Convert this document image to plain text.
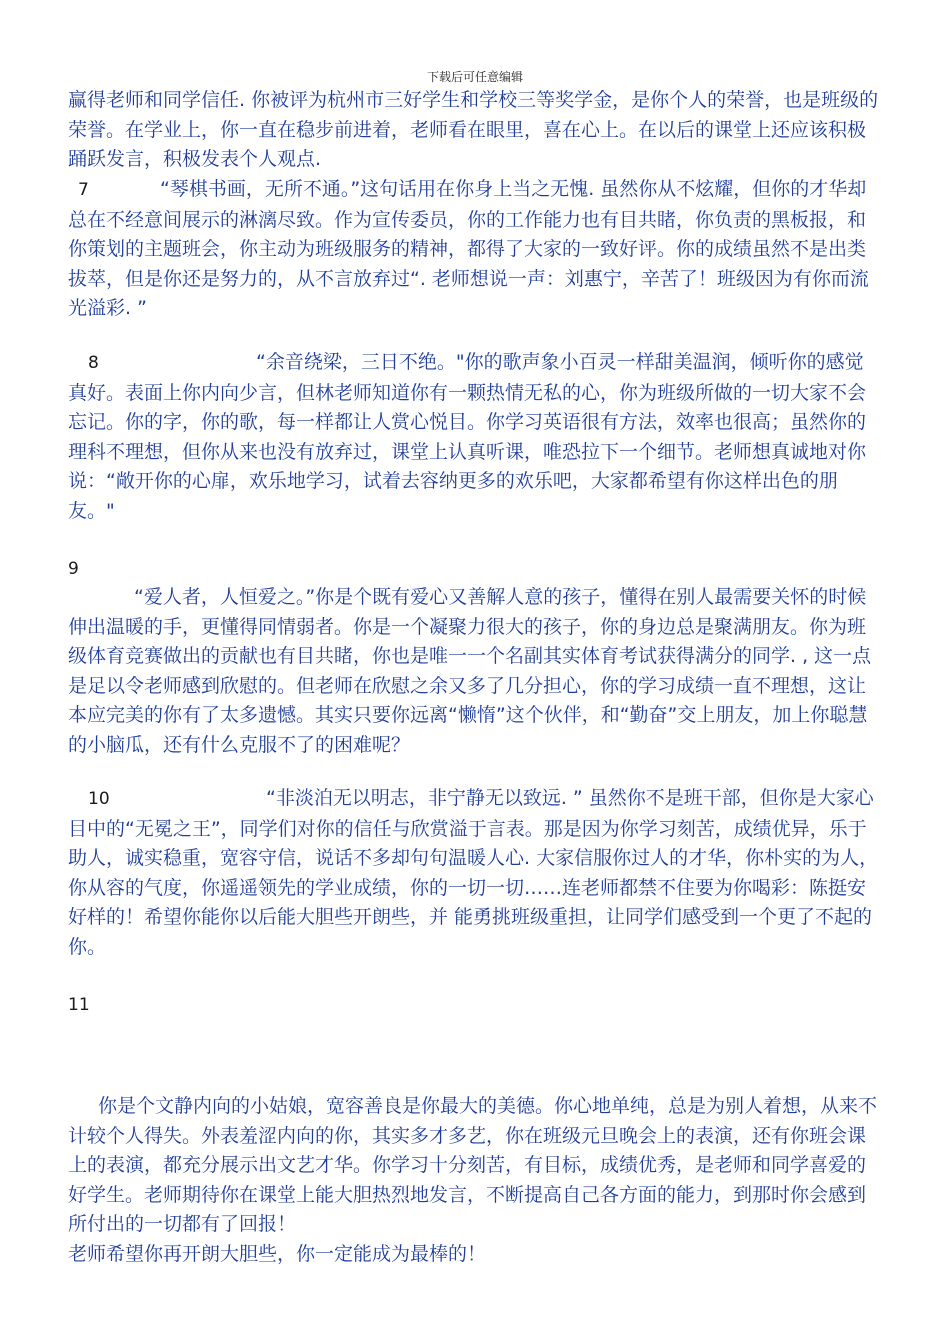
下载后可任意编辑

赢得老师和同学信任. 你被评为杭州市三好学生和学校三等奖学金，是你个人的荣誉，也是班级的荣誉。在学业上，你一直在稳步前进着，老师看在眼里，喜在心上。在以后的课堂上还应该积极踊跃发言，积极发表个人观点.

7	“琴棋书画，无所不通。”这句话用在你身上当之无愧. 虽然你从不炫耀，但你的才华却总在不经意间展示的淋漓尽致。作为宣传委员，你的工作能力也有目共睹，你负责的黑板报，和你策划的主题班会，你主动为班级服务的精神，都得了大家的一致好评。你的成绩虽然不是出类拔萃，但是你还是努力的，从不言放弃过“. 老师想说一声：刘惠宁，辛苦了！班级因为有你而流光溢彩. ”

8	“余音绕梁，三日不绝。"你的歌声象小百灵一样甜美温润，倾听你的感觉真好。表面上你内向少言，但林老师知道你有一颗热情无私的心，你为班级所做的一切大家不会忘记。你的字，你的歌，每一样都让人赏心悦目。你学习英语很有方法，效率也很高；虽然你的理科不理想，但你从来也没有放弃过，课堂上认真听课，唯恐拉下一个细节。老师想真诚地对你说：“敞开你的心扉，欢乐地学习，试着去容纳更多的欢乐吧，大家都希望有你这样出色的朋友。"

9

“爱人者，人恒爱之。”你是个既有爱心又善解人意的孩子，懂得在别人最需要关怀的时候伸出温暖的手，更懂得同情弱者。你是一个凝聚力很大的孩子，你的身边总是聚满朋友。你为班级体育竞赛做出的贡献也有目共睹，你也是唯一一个名副其实体育考试获得满分的同学. , 这一点是足以令老师感到欣慰的。但老师在欣慰之余又多了几分担心，你的学习成绩一直不理想，这让本应完美的你有了太多遗憾。其实只要你远离“懒惰”这个伙伴，和“勤奋”交上朋友，加上你聪慧的小脑瓜，还有什么克服不了的困难呢？

10	“非淡泊无以明志，非宁静无以致远. ” 虽然你不是班干部，但你是大家心目中的“无冕之王”，同学们对你的信任与欣赏溢于言表。那是因为你学习刻苦，成绩优异，乐于助人，诚实稳重，宽容守信，说话不多却句句温暖人心. 大家信服你过人的才华，你朴实的为人，你从容的气度，你遥遥领先的学业成绩，你的一切一切……连老师都禁不住要为你喝彩：陈挺安好样的！希望你能你以后能大胆些开朗些，并 能勇挑班级重担，让同学们感受到一个更了不起的你。

11

你是个文静内向的小姑娘，宽容善良是你最大的美德。你心地单纯，总是为别人着想，从来不计较个人得失。外表羞涩内向的你，其实多才多艺，你在班级元旦晚会上的表演，还有你班会课上的表演，都充分展示出文艺才华。你学习十分刻苦，有目标，成绩优秀，是老师和同学喜爱的好学生。老师期待你在课堂上能大胆热烈地发言，不断提高自己各方面的能力，到那时你会感到所付出的一切都有了回报！

老师希望你再开朗大胆些，你一定能成为最棒的！
